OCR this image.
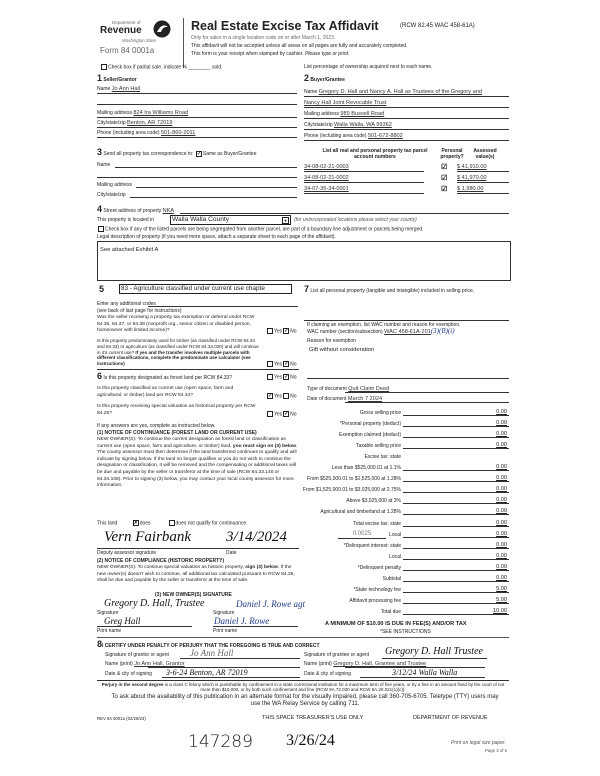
Department of
Revenue
Washington State
Form 84 0001a
Real Estate Excise Tax Affidavit	(RCW 82.45 WAC 458-61A)
Only for sales in a single location code on or after March 1, 2023.
This affidavit will not be accepted unless all areas on all pages are fully and accurately completed.
This form is your receipt when stamped by cashier. Please type or print.
Check box if partial sale, indicate % ________ sold.	List percentage of ownership acquired next to each name.
1 Seller/Grantor
Name Jo Ann Hall
Mailing address 824 Ira Williams Road
City/state/zip Benton, AR 72019
Phone (including area code) 501-860-2011
2 Buyer/Grantee
Name Gregory D. Hall and Nancy A. Hall as Trustees of the Gregory and
Nancy Hall Joint Revocable Trust
Mailing address 989 Bussell Road
City/state/zip Walla Walla, WA 99362
Phone (including area code) 501-672-8802
3 Send all property tax correspondence to: ✓ Same as Buyer/Grantee
Name
Mailing address
City/state/zip
List all real and personal property tax parcel account numbers
Personal property?
Assessed value(s)
34-08-02-21-0003	☑ $ 41,910.00
34-08-02-21-0002	☑ $ 41,970.00
34-07-35-34-0001	☑ $ 1,980.00
4 Street address of property NKA
This property is located in	Walla Walla County	▼	(for unincorporated locations please select your county)
Check box if any of the listed parcels are being segregated from another parcel, are part of a boundary line adjustment or parcels being merged.
Legal description of property (if you need more space, attach a separate sheet to each page of the affidavit).
See attached Exhibit A
5	83 - Agriculture classified under current use chapte
Enter any additional codes
(see back of last page for instructions)
Was the seller receiving a property tax exemption or deferral under RCW 84.36, 84.37, or 84.38 (nonprofit org., senior citizen or disabled person, homeowner with limited income)?	Yes ✓ No
Is this property predominately used for timber (as classified under RCW 84.34 and 84.33) or agriculture (as classified under RCW 84.34.020) and will continue in it's current use? If yes and the transfer involves multiple parcels with different classifications, complete the predominate use calculator (see instructions)	Yes ✓ No
6 Is this property designated as forest land per RCW 84.33?	Yes ✓ No
Is this property classified as current use (open space, farm and agricultural, or timber) land per RCW 84.34?	✓ Yes No
Is this property receiving special valuation as historical property per RCW 84.26?	Yes ✓ No
If any answers are yes, complete as instructed below.
(1) NOTICE OF CONTINUANCE (FOREST LAND OR CURRENT USE)
NEW OWNER(S): To continue the current designation as forest land or classification as current use (open space, farm and agriculture, or timber) land, you must sign on (3) below. The county assessor must then determine if the land transferred continues to qualify and will indicate by signing below. If the land no longer qualifies or you do not wish to continue the designation or classification, it will be removed and the compensating or additional taxes will be due and payable by the seller or transferor at the time of sale (RCW 84.33.140 or 84.34.108). Prior to signing (3) below, you may contact your local county assessor for more information.
This land	✗ does	does not qualify for continuance.
Vern Fairbank 3/14/2024
Deputy assessor signature	Date
(2) NOTICE OF COMPLIANCE (HISTORIC PROPERTY)
NEW OWNER(S): To continue special valuation as historic property, sign (3) below. If the new owner(s) doesn't wish to continue, all additional tax calculated pursuant to RCW 84.26, shall be due and payable by the seller or transferor at the time of sale.
(3) NEW OWNER(S) SIGNATURE
Gregory D. Hall, Trustee	Daniel J. Rowe agt
Signature	Signature
Greg Hall	Daniel J. Rowe
Print name	Print name
7 List all personal property (tangible and intangible) included in selling price.
If claiming an exemption, list WAC number and reason for exemption.
WAC number (section/subsection) WAC 458-61A-201(3)(B)(i)
Reason for exemption
Gift without consideration
Type of document Quit Claim Deed
Date of document March 7 2024
Gross selling price	0.00
*Personal property (deduct)	0.00
Exemption claimed (deduct)	0.00
Taxable selling price	0.00
Excise tax: state
Less than $525,000.01 at 1.1%	0.00
From $525,000.01 to $1,525,000 at 1.28%	0.00
From $1,525,000.01 to $3,025,000 at 2.75%	0.00
Above $3,025,000 at 3%	0.00
Agricultural and timberland at 1.28%	0.00
Total excise tax: state	0.00
Local	0.00
0.0025
*Delinquent interest: state	0.00
Local	0.00
*Delinquent penalty	0.00
Subtotal	0.00
*State technology fee	5.00
Affidavit processing fee	5.00
Total due	10.00
A MINIMUM OF $10.00 IS DUE IN FEE(S) AND/OR TAX
*SEE INSTRUCTIONS
8I CERTIFY UNDER PENALTY OF PERJURY THAT THE FOREGOING IS TRUE AND CORRECT
Signature of grantor or agent Jo Ann Hall
Name (print) Jo Ann Hall, Grantor
Date & city of signing 3-6-24 Benton, AR 72019
Signature of grantee or agent Gregory D. Hall Trustee
Name (print) Gregory D. Hall, Grantee and Trustee
Date & city of signing	3/12/24 Walla Walla
Perjury in the second degree is a class C felony which is punishable by confinement in a state correctional institution for a maximum term of five years, or by a fine in an amount fixed by the court of not more than $10,000, or by both such confinement and fine (RCW 9A.72.030 and RCW 9A.20.021(1)(c)).
To ask about the availability of this publication in an alternate format for the visually impaired, please call 360-705-6705. Teletype (TTY) users may use the WA Relay Service by calling 711.
REV 84 0001a (02/28/23)	THIS SPACE TREASURER'S USE ONLY	DEPARTMENT OF REVENUE
147289 3/26/24	Print on legal size paper.
Page 3 of 6
